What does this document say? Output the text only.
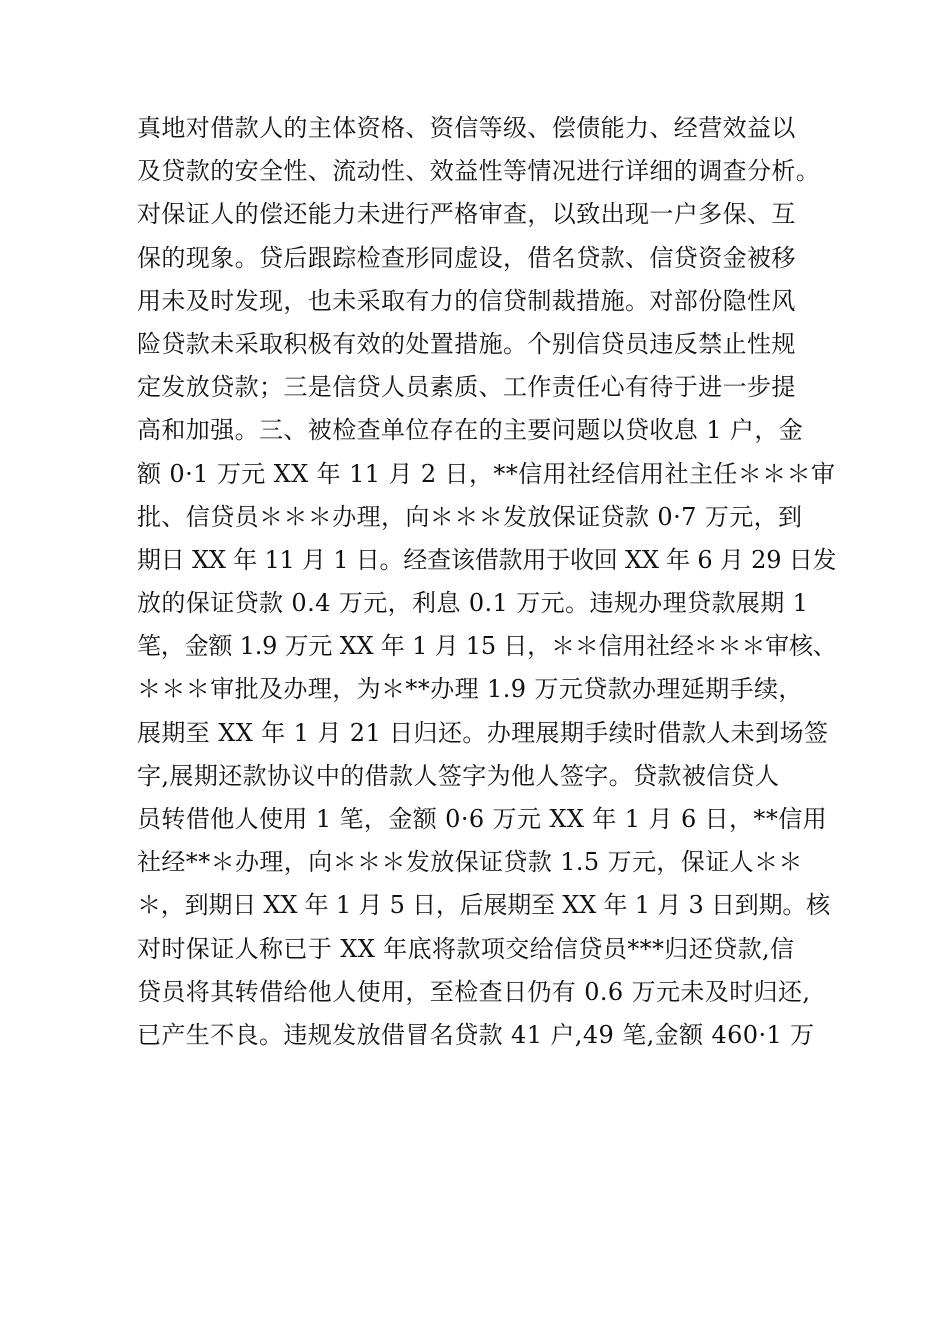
真地对借款人的主体资格、资信等级、偿债能力、经营效益以
及贷款的安全性、流动性、效益性等情况进行详细的调查分析。
对保证人的偿还能力未进行严格审查，以致出现一户多保、互
保的现象。贷后跟踪检查形同虚设，借名贷款、信贷资金被移
用未及时发现，也未采取有力的信贷制裁措施。对部份隐性风
险贷款未采取积极有效的处置措施。个别信贷员违反禁止性规
定发放贷款；三是信贷人员素质、工作责任心有待于进一步提
高和加强。三、被检查单位存在的主要问题以贷收息 1 户，金
额 0·1 万元 XX 年 11 月 2 日，**信用社经信用社主任＊＊＊审
批、信贷员＊＊＊办理，向＊＊＊发放保证贷款 0·7 万元，到
期日 XX 年 11 月 1 日。经查该借款用于收回 XX 年 6 月 29 日发
放的保证贷款 0.4 万元，利息 0.1 万元。违规办理贷款展期 1
笔，金额 1.9 万元 XX 年 1 月 15 日，＊＊信用社经＊＊＊审核、
＊＊＊审批及办理，为＊**办理 1.9 万元贷款办理延期手续，
展期至 XX 年 1 月 21 日归还。办理展期手续时借款人未到场签
字,展期还款协议中的借款人签字为他人签字。贷款被信贷人
员转借他人使用 1 笔，金额 0·6 万元 XX 年 1 月 6 日，**信用
社经**＊办理，向＊＊＊发放保证贷款 1.5 万元，保证人＊＊
＊，到期日 XX 年 1 月 5 日，后展期至 XX 年 1 月 3 日到期。核
对时保证人称已于 XX 年底将款项交给信贷员***归还贷款,信
贷员将其转借给他人使用，至检查日仍有 0.6 万元未及时归还,
已产生不良。违规发放借冒名贷款 41 户,49 笔,金额 460·1 万
